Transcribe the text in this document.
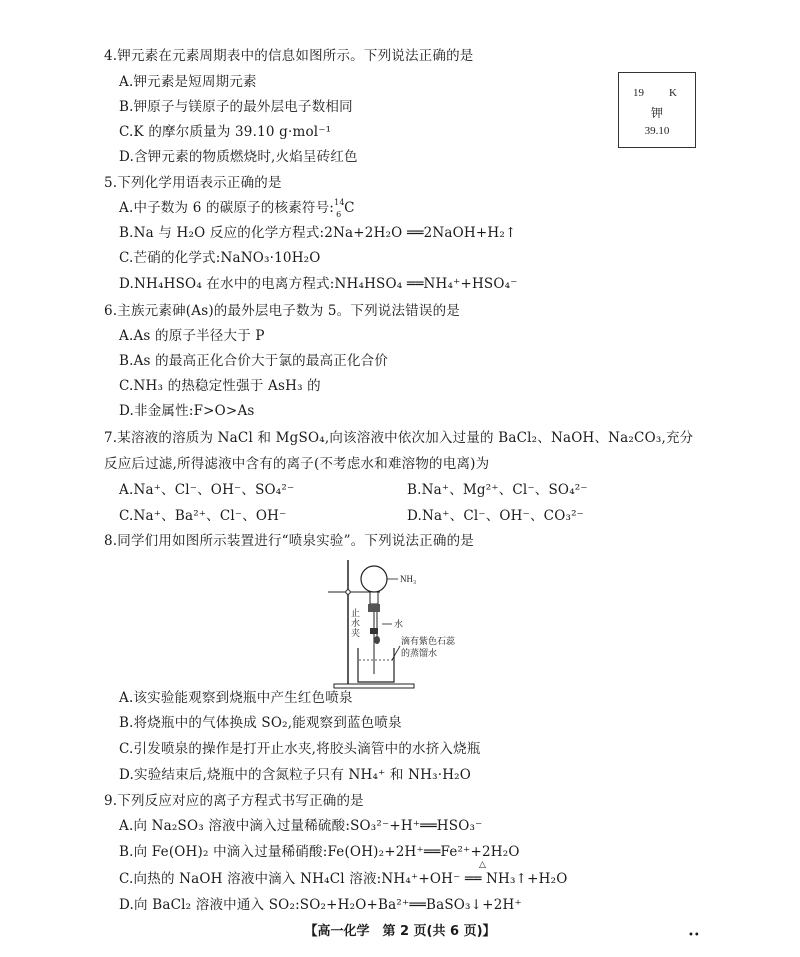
4.钾元素在元素周期表中的信息如图所示。下列说法正确的是
A.钾元素是短周期元素
B.钾原子与镁原子的最外层电子数相同
C.K 的摩尔质量为 39.10 g·mol⁻¹
D.含钾元素的物质燃烧时,火焰呈砖红色
19 K
钾
39.10
5.下列化学用语表示正确的是
A.中子数为 6 的碳原子的核素符号: 14
6 C
B.Na 与 H₂O 反应的化学方程式:2Na+2H₂O ══2NaOH+H₂↑
C.芒硝的化学式:NaNO₃·10H₂O
D.NH₄HSO₄ 在水中的电离方程式:NH₄HSO₄ ══NH₄⁺+HSO₄⁻
6.主族元素砷(As)的最外层电子数为 5。下列说法错误的是
A.As 的原子半径大于 P
B.As 的最高正化合价大于氯的最高正化合价
C.NH₃ 的热稳定性强于 AsH₃ 的
D.非金属性:F>O>As
7.某溶液的溶质为 NaCl 和 MgSO₄,向该溶液中依次加入过量的 BaCl₂、NaOH、Na₂CO₃,充分
反应后过滤,所得滤液中含有的离子(不考虑水和难溶物的电离)为
A.Na⁺、Cl⁻、OH⁻、SO₄²⁻	B.Na⁺、Mg²⁺、Cl⁻、SO₄²⁻
C.Na⁺、Ba²⁺、Cl⁻、OH⁻	D.Na⁺、Cl⁻、OH⁻、CO₃²⁻
8.同学们用如图所示装置进行“喷泉实验”。下列说法正确的是
NH₃
止
水
夹
水
滴有紫色石蕊
的蒸馏水
A.该实验能观察到烧瓶中产生红色喷泉
B.将烧瓶中的气体换成 SO₂,能观察到蓝色喷泉
C.引发喷泉的操作是打开止水夹,将胶头滴管中的水挤入烧瓶
D.实验结束后,烧瓶中的含氮粒子只有 NH₄⁺ 和 NH₃·H₂O
9.下列反应对应的离子方程式书写正确的是
A.向 Na₂SO₃ 溶液中滴入过量稀硫酸:SO₃²⁻+H⁺══HSO₃⁻
B.向 Fe(OH)₂ 中滴入过量稀硝酸:Fe(OH)₂+2H⁺══Fe²⁺+2H₂O
C.向热的 NaOH 溶液中滴入 NH₄Cl 溶液:NH₄⁺+OH⁻ ══ NH₃↑+H₂O
△
D.向 BaCl₂ 溶液中通入 SO₂:SO₂+H₂O+Ba²⁺══BaSO₃↓+2H⁺
【高一化学　第 2 页(共 6 页)】	••
